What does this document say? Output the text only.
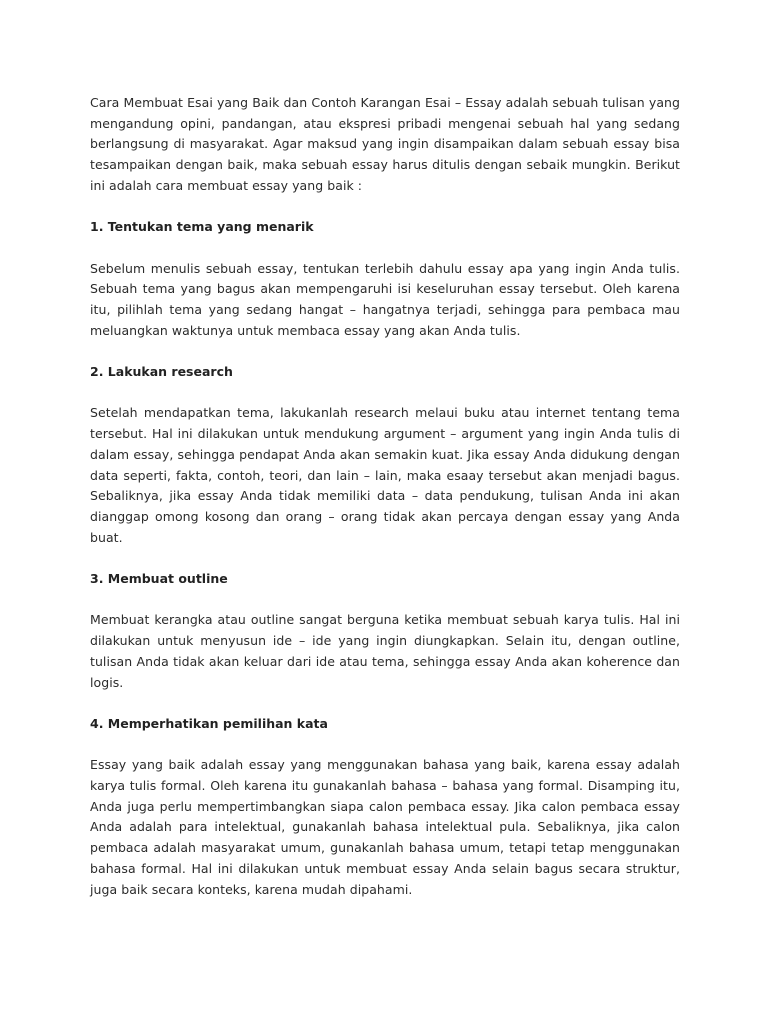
Cara Membuat Esai yang Baik dan Contoh Karangan Esai – Essay adalah sebuah tulisan yang mengandung opini, pandangan, atau ekspresi pribadi mengenai sebuah hal yang sedang berlangsung di masyarakat. Agar maksud yang ingin disampaikan dalam sebuah essay bisa tesampaikan dengan baik, maka sebuah essay harus ditulis dengan sebaik mungkin. Berikut ini adalah cara membuat essay yang baik :

1. Tentukan tema yang menarik

Sebelum menulis sebuah essay, tentukan terlebih dahulu essay apa yang ingin Anda tulis. Sebuah tema yang bagus akan mempengaruhi isi keseluruhan essay tersebut. Oleh karena itu, pilihlah tema yang sedang hangat – hangatnya terjadi, sehingga para pembaca mau meluangkan waktunya untuk membaca essay yang akan Anda tulis.

2. Lakukan research

Setelah mendapatkan tema, lakukanlah research melaui buku atau internet tentang tema tersebut. Hal ini dilakukan untuk mendukung argument – argument yang ingin Anda tulis di dalam essay, sehingga pendapat Anda akan semakin kuat. Jika essay Anda didukung dengan data seperti, fakta, contoh, teori, dan lain – lain, maka esaay tersebut akan menjadi bagus. Sebaliknya, jika essay Anda tidak memiliki data – data pendukung, tulisan Anda ini akan dianggap omong kosong dan orang – orang tidak akan percaya dengan essay yang Anda buat.

3. Membuat outline

Membuat kerangka atau outline sangat berguna ketika membuat sebuah karya tulis. Hal ini dilakukan untuk menyusun ide – ide yang ingin diungkapkan. Selain itu, dengan outline, tulisan Anda tidak akan keluar dari ide atau tema, sehingga essay Anda akan koherence dan logis.

4. Memperhatikan pemilihan kata

Essay yang baik adalah essay yang menggunakan bahasa yang baik, karena essay adalah karya tulis formal. Oleh karena itu gunakanlah bahasa – bahasa yang formal. Disamping itu, Anda juga perlu mempertimbangkan siapa calon pembaca essay. Jika calon pembaca essay Anda adalah para intelektual, gunakanlah bahasa intelektual pula. Sebaliknya, jika calon pembaca adalah masyarakat umum, gunakanlah bahasa umum, tetapi tetap menggunakan bahasa formal. Hal ini dilakukan untuk membuat essay Anda selain bagus secara struktur, juga baik secara konteks, karena mudah dipahami.
